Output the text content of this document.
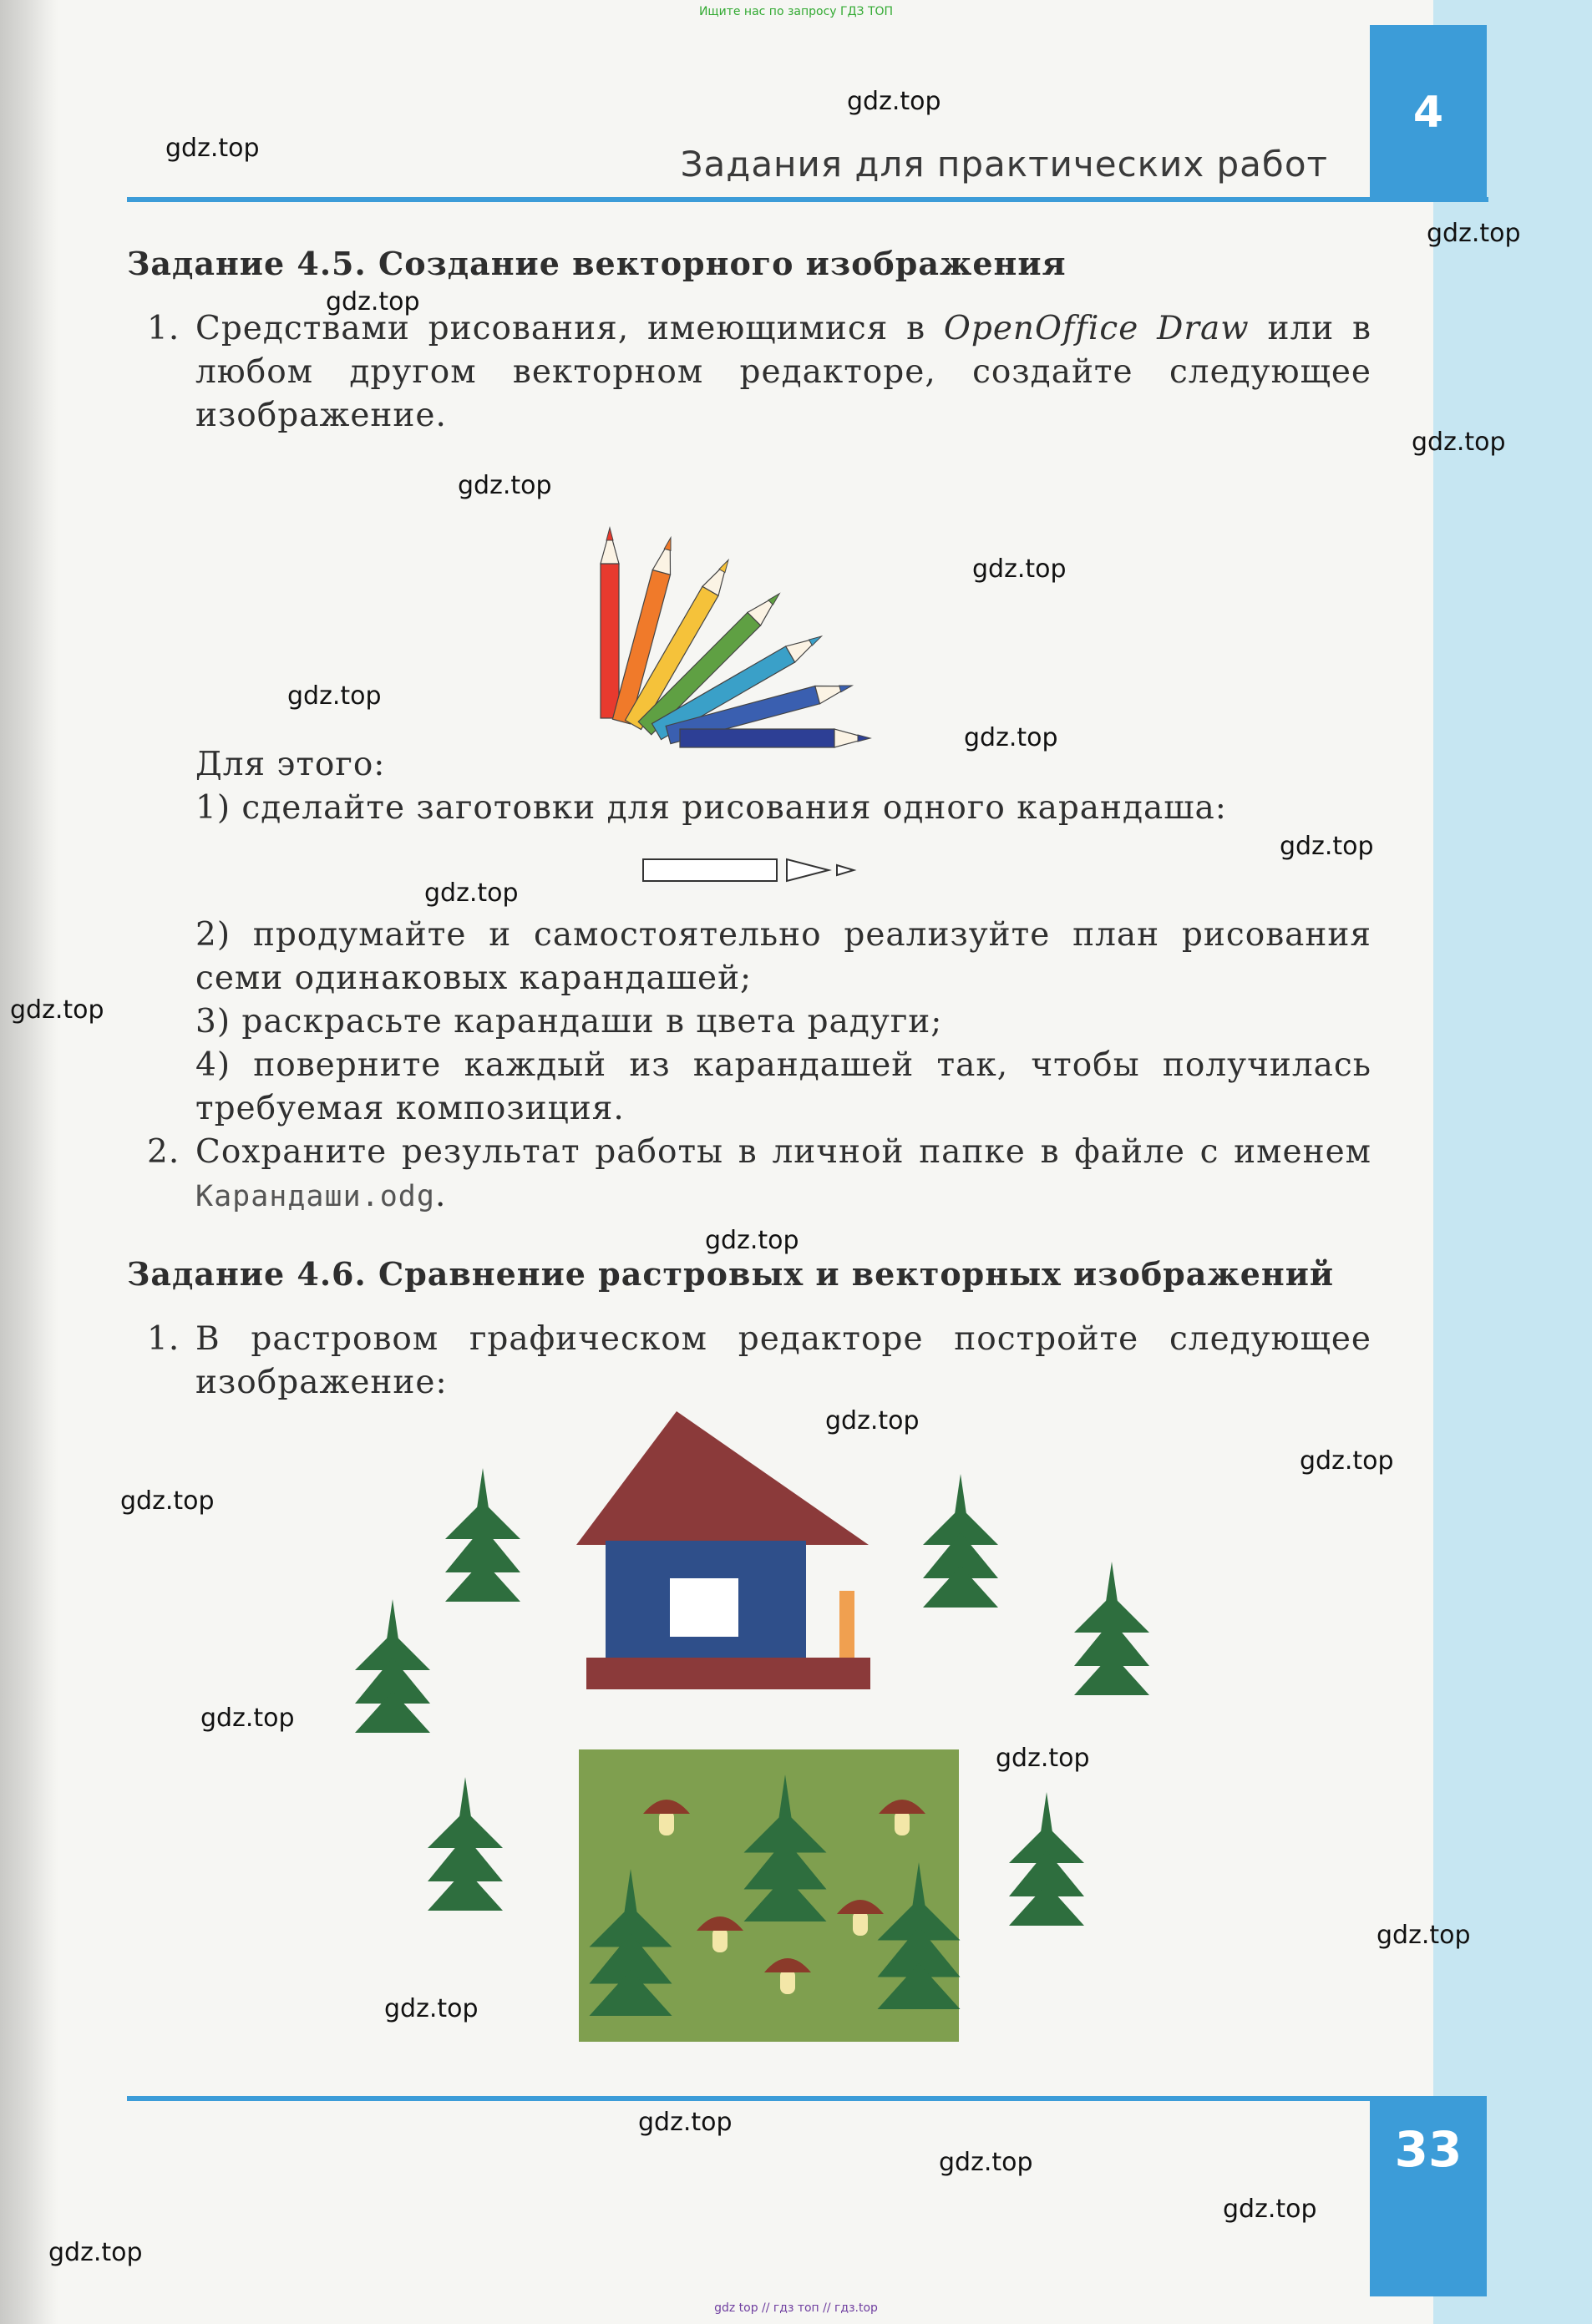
Ищите нас по запросу ГДЗ ТОП
4
Задания для практических работ
Задание 4.5. Создание векторного изображения
1. Средствами рисования, имеющимися в OpenOffice Draw или в любом другом векторном редакторе, создайте следующее изображение.
Для этого:
1) сделайте заготовки для рисования одного карандаша:
2) продумайте и самостоятельно реализуйте план рисования семи одинаковых карандашей;
3) раскрасьте карандаши в цвета радуги;
4) поверните каждый из карандашей так, чтобы получилась требуемая композиция.
2. Сохраните результат работы в личной папке в файле с именем Карандаши.odg.
Задание 4.6. Сравнение растровых и векторных изображений
1. В растровом графическом редакторе постройте следующее изображение:
33
gdz top // гдз топ // гдз.top
gdz.top
gdz.top
gdz.top
gdz.top
gdz.top
gdz.top
gdz.top
gdz.top
gdz.top
gdz.top
gdz.top
gdz.top
gdz.top
gdz.top
gdz.top
gdz.top
gdz.top
gdz.top
gdz.top
gdz.top
gdz.top
gdz.top
gdz.top
gdz.top
